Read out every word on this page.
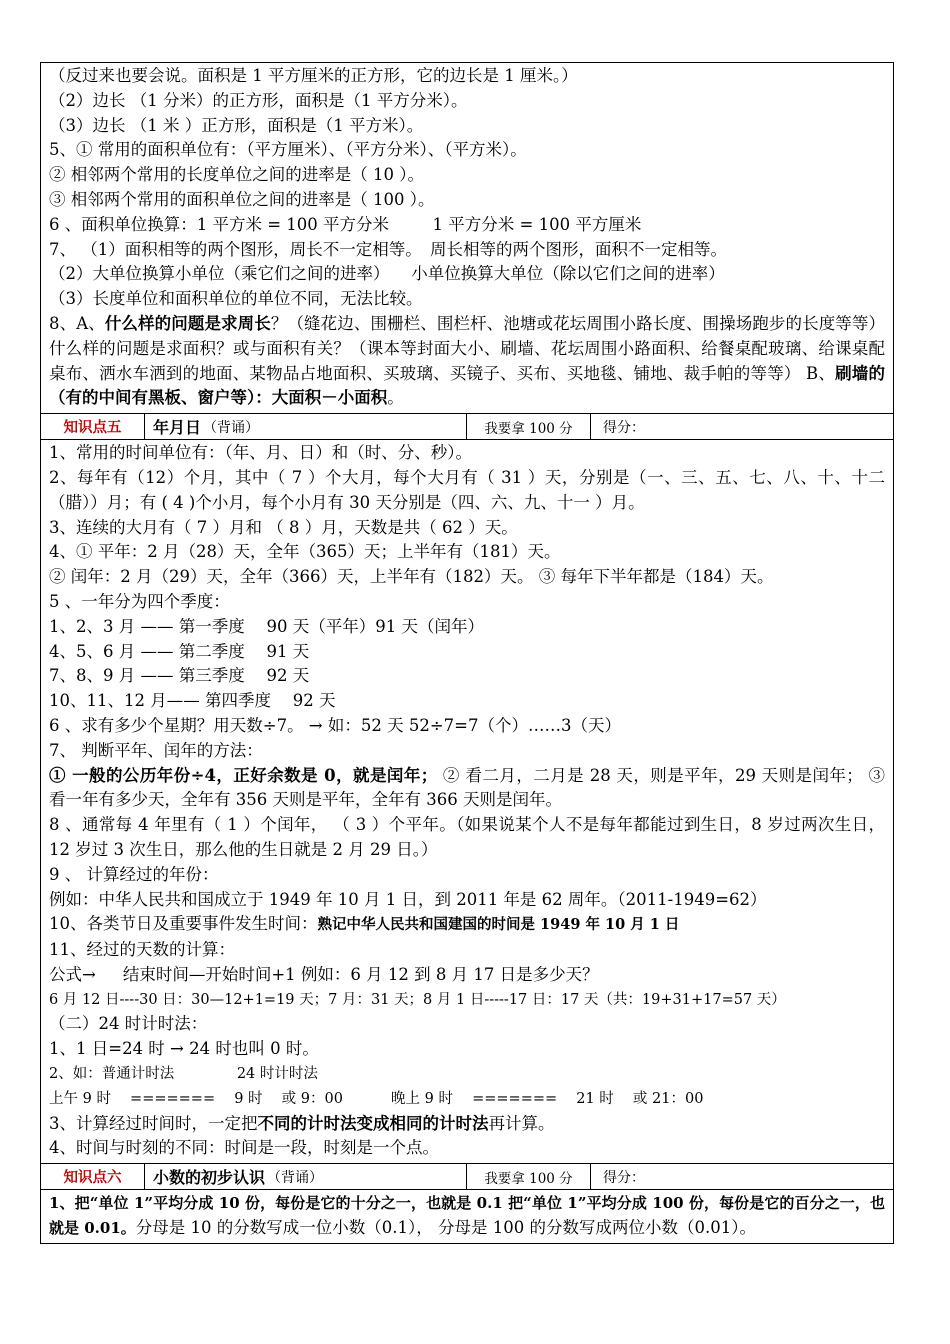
（反过来也要会说。面积是 1 平方厘米的正方形，它的边长是 1 厘米。）
（2）边长 （1 分米）的正方形，面积是（1 平方分米）。
（3）边长 （1 米 ）正方形，面积是（1 平方米）。
5、① 常用的面积单位有：（平方厘米）、（平方分米）、（平方米）。
② 相邻两个常用的长度单位之间的进率是（ 10 ）。
③ 相邻两个常用的面积单位之间的进率是（ 100 ）。
6 、面积单位换算：1 平方米 = 100 平方分米 　 　1 平方分米 = 100 平方厘米
7、 （1）面积相等的两个图形，周长不一定相等。　周长相等的两个图形，面积不一定相等。
（2）大单位换算小单位（乘它们之间的进率） 　小单位换算大单位（除以它们之间的进率）
（3）长度单位和面积单位的单位不同，无法比较。
8、A、什么样的问题是求周长？（缝花边、围栅栏、围栏杆、池塘或花坛周围小路长度、围操场跑步的长度等等）什么样的问题是求面积？或与面积有关？（课本等封面大小、刷墙、花坛周围小路面积、给餐桌配玻璃、给课桌配桌布、洒水车洒到的地面、某物品占地面积、买玻璃、买镜子、买布、买地毯、铺地、裁手帕的等等） B、刷墙的（有的中间有黑板、窗户等）：大面积－小面积。
知识点五	年月日 （背诵）	我要拿 100 分	得分：
1、常用的时间单位有：（年、月、日）和（时、分、秒）。
2、每年有（12）个月，其中（ 7 ）个大月，每个大月有（ 31 ）天，分别是（一、三、五、七、八、十、十二（腊））月；有 ( 4 )个小月，每个小月有 30 天分别是（四、六、九、十一 ）月。
3、连续的大月有（ 7 ）月和 （ 8 ）月，天数是共（ 62 ）天。
4、① 平年：2 月（28）天，全年（365）天；上半年有（181）天。
② 闰年：2 月（29）天，全年（366）天，上半年有（182）天。 ③ 每年下半年都是（184）天。
5 、一年分为四个季度：
1、2、3 月 —— 第一季度 　90 天（平年）91 天（闰年）
4、5、6 月 —— 第二季度 　91 天
7、8、9 月 —— 第三季度 　92 天
10、11、12 月—— 第四季度 　92 天
6 、求有多少个星期？用天数÷7。 → 如：52 天 52÷7=7（个）……3（天）
7、 判断平年、闰年的方法：
① 一般的公历年份÷4，正好余数是 0，就是闰年； ② 看二月，二月是 28 天，则是平年，29 天则是闰年； ③ 看一年有多少天，全年有 356 天则是平年，全年有 366 天则是闰年。
8 、通常每 4 年里有（ 1 ）个闰年， （ 3 ）个平年。（如果说某个人不是每年都能过到生日，8 岁过两次生日，12 岁过 3 次生日，那么他的生日就是 2 月 29 日。）
9 、 计算经过的年份：
例如：中华人民共和国成立于 1949 年 10 月 1 日，到 2011 年是 62 周年。（2011-1949=62）
10、各类节日及重要事件发生时间：熟记中华人民共和国建国的时间是 1949 年 10 月 1 日
11、经过的天数的计算：
公式→ 　 结束时间—开始时间+1 例如：6 月 12 到 8 月 17 日是多少天？
6 月 12 日----30 日：30—12+1=19 天；7 月：31 天；8 月 1 日-----17 日：17 天（共：19+31+17=57 天）
（二）24 时计时法：
1、1 日=24 时 → 24 时也叫 0 时。
2、如：普通计时法 　　　　24 时计时法
上午 9 时 　======= 　9 时 　或 9：00 　　　晚上 9 时 　======= 　21 时 　或 21：00
3、计算经过时间时，一定把不同的计时法变成相同的计时法再计算。
4、时间与时刻的不同：时间是一段，时刻是一个点。
知识点六	小数的初步认识 （背诵）	我要拿 100 分	得分：
1、把“单位 1”平均分成 10 份，每份是它的十分之一，也就是 0.1 把“单位 1”平均分成 100 份，每份是它的百分之一，也就是 0.01。分母是 10 的分数写成一位小数（0.1）， 分母是 100 的分数写成两位小数（0.01）。
